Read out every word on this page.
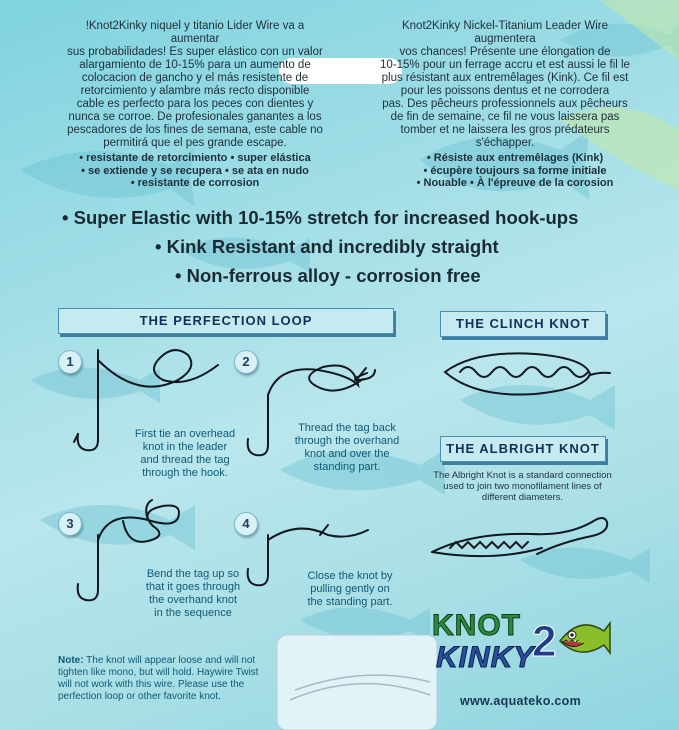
!Knot2Kinky niquel y titanio Lider Wire va a aumentar
sus probabilidades! Es super elástico con un valor
alargamiento de 10-15% para un aumento de
colocacion de gancho y el más resistente de
retorcimiento y alambre más recto disponible
cable es perfecto para los peces con dientes y
nunca se corroe. De profesionales ganantes a los
pescadores de los fines de semana, este cable no
permitirá que el pes grande escape.
• resistante de retorcimiento • super elástica
• se extiende y se recupera • se ata en nudo
• resistante de corrosion
Knot2Kinky Nickel-Titanium Leader Wire augmentera
vos chances! Présente une élongation de
10-15% pour un ferrage accru et est aussi le fil le
plus résistant aux entremêlages (Kink). Ce fil est
pour les poissons dentus et ne corrodera
pas. Des pêcheurs professionnels aux pêcheurs
de fin de semaine, ce fil ne vous laissera pas
tomber et ne laissera les gros prédateurs
s'échapper.
• Résiste aux entremêlages (Kink)
• écupère toujours sa forme initiale
• Nouable • À l'épreuve de la corosion
• Super Elastic with 10-15% stretch for increased hook-ups
• Kink Resistant and incredibly straight
• Non-ferrous alloy - corrosion free
THE PERFECTION LOOP	THE CLINCH KNOT
THE ALBRIGHT KNOT
1	2
3	4
First tie an overhead
knot in the leader
and thread the tag
through the hook.
Thread the tag back
through the overhand
knot and over the
standing part.
Bend the tag up so
that it goes through
the overhand knot
in the sequence
Close the knot by
pulling gently on
the standing part.
The Albright Knot is a standard connection
used to join two monofilament lines of
different diameters.
Note: The knot will appear loose and will not
tighten like mono, but will hold. Haywire Twist
will not work with this wire. Please use the
perfection loop or other favorite knot.
KNOT
KINKY
2
www.aquateko.com
